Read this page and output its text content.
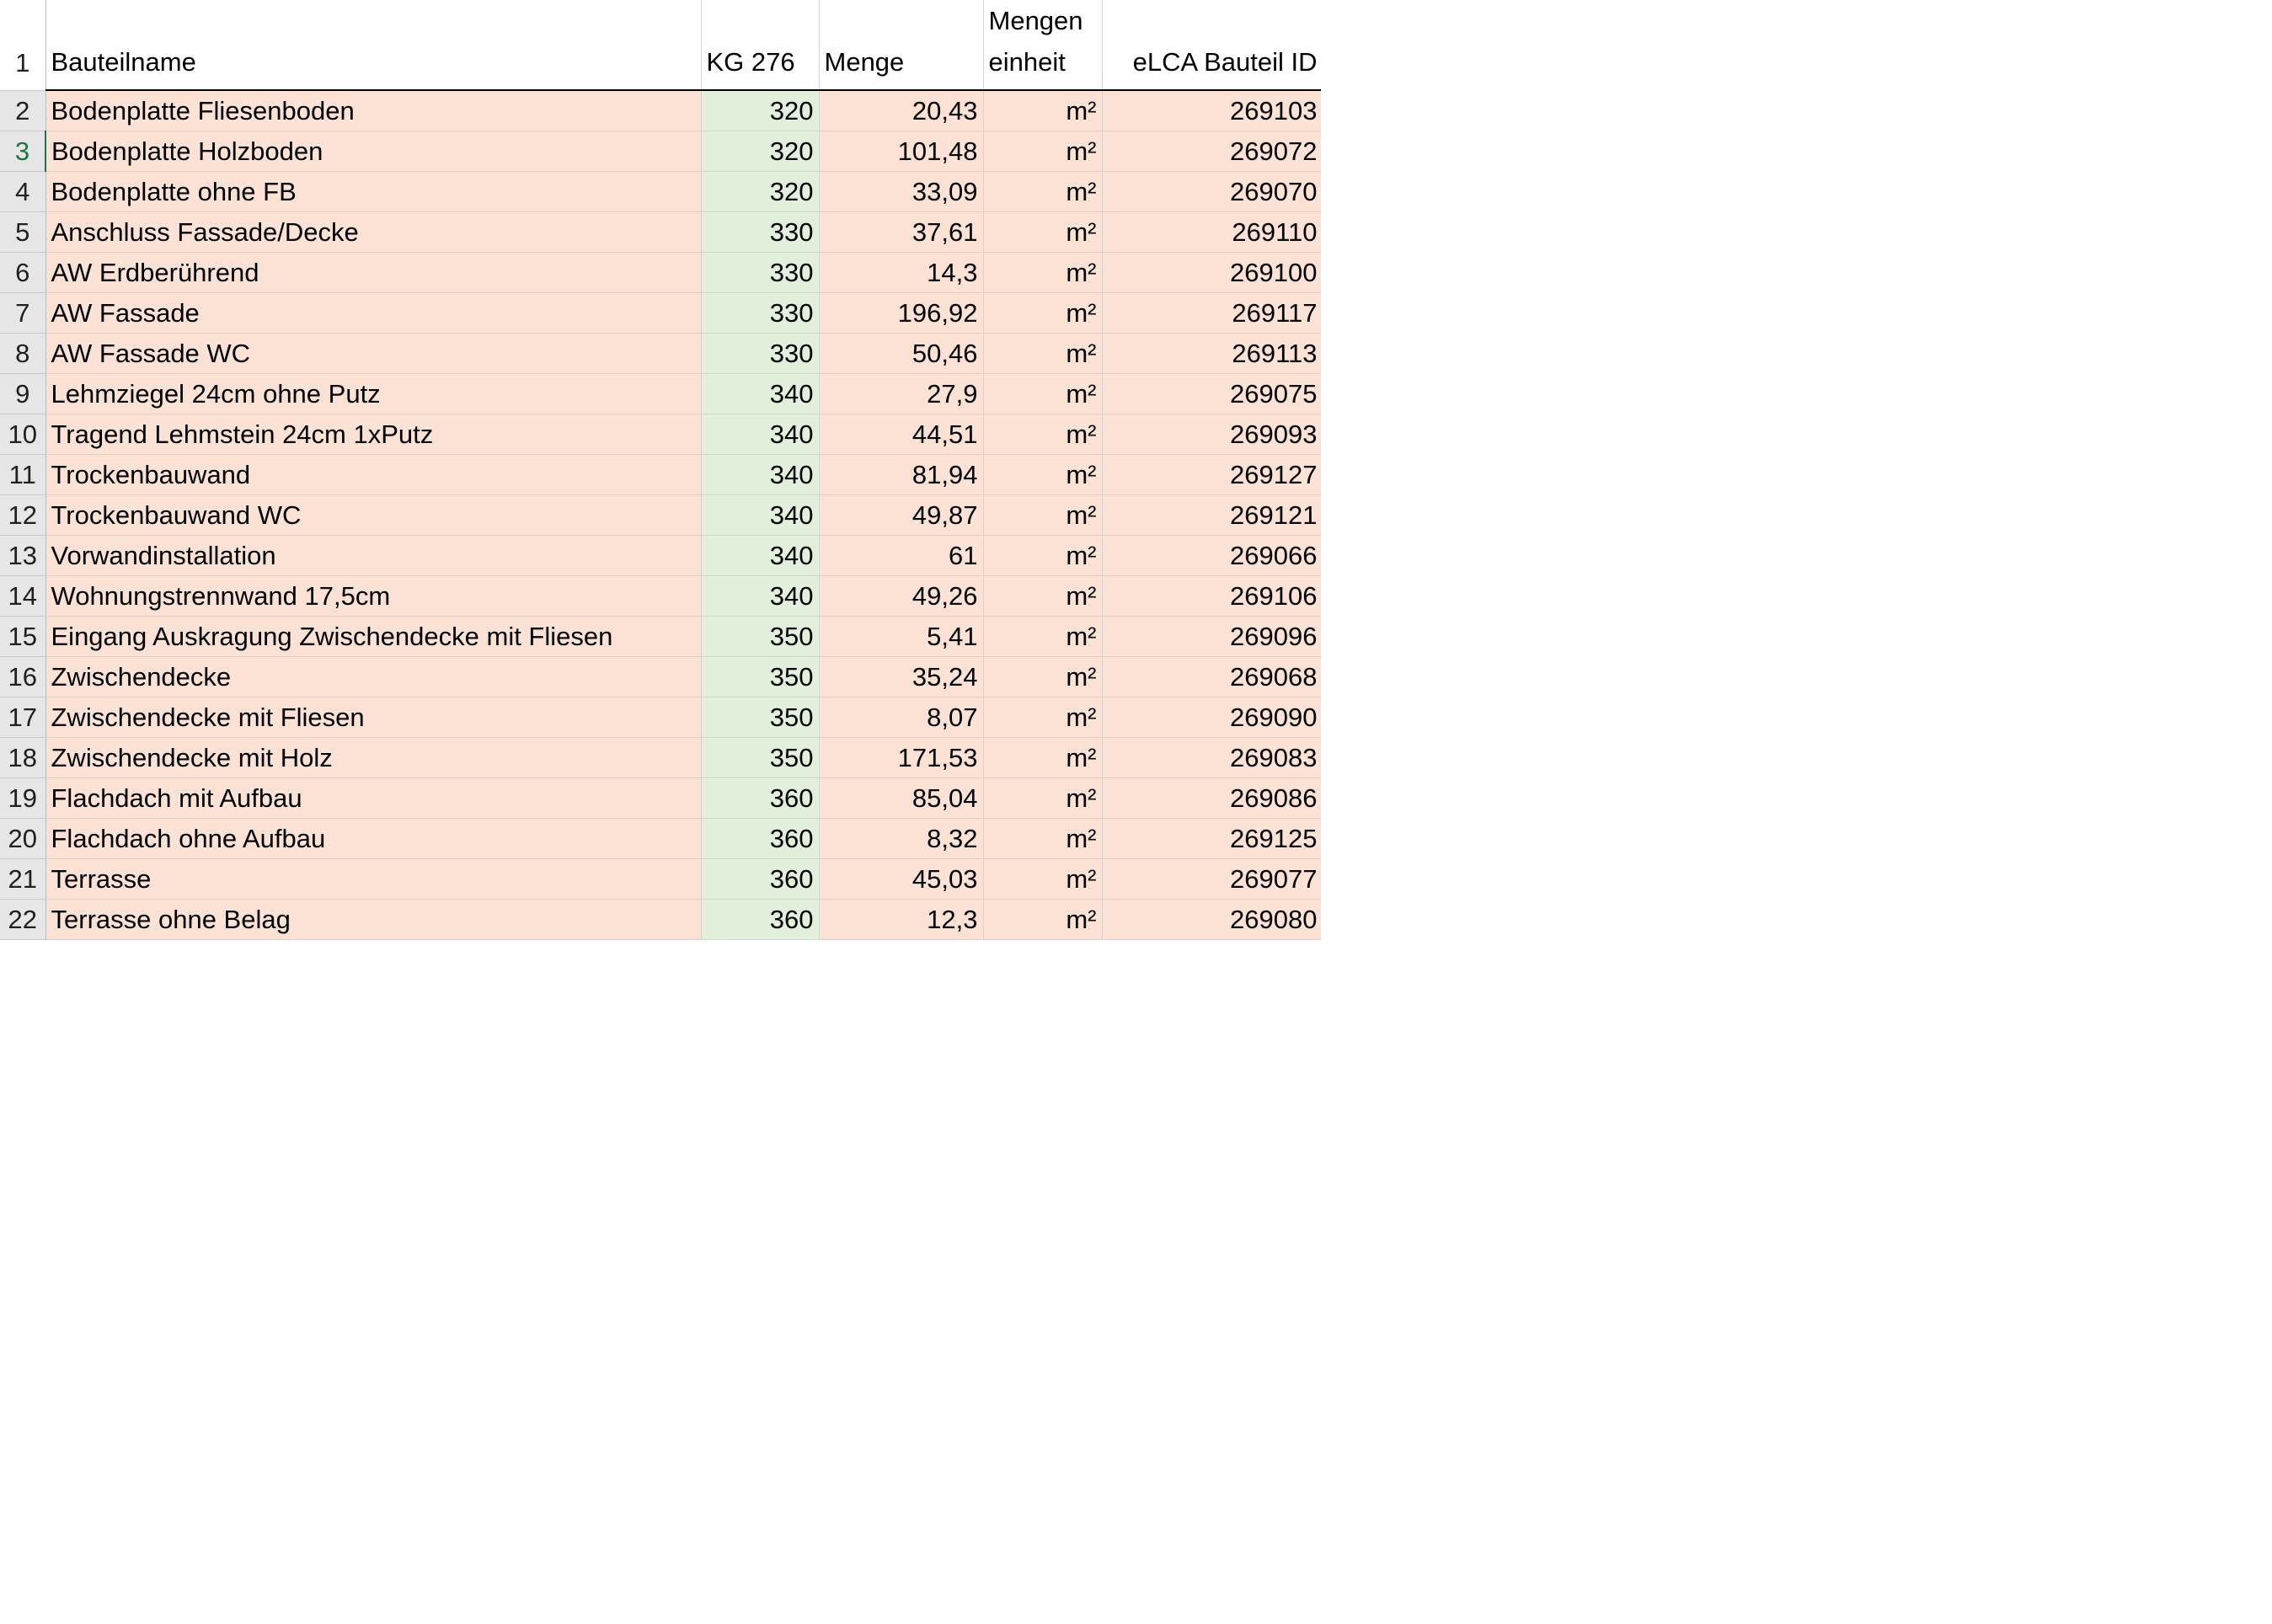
1	Bauteilname	KG 276	Menge	Mengen einheit	eLCA Bauteil ID
2	Bodenplatte Fliesenboden	320	20,43	m²	269103
3	Bodenplatte Holzboden	320	101,48	m²	269072
4	Bodenplatte ohne FB	320	33,09	m²	269070
5	Anschluss Fassade/Decke	330	37,61	m²	269110
6	AW Erdberührend	330	14,3	m²	269100
7	AW Fassade	330	196,92	m²	269117
8	AW Fassade WC	330	50,46	m²	269113
9	Lehmziegel 24cm ohne Putz	340	27,9	m²	269075
10	Tragend Lehmstein 24cm 1xPutz	340	44,51	m²	269093
11	Trockenbauwand	340	81,94	m²	269127
12	Trockenbauwand WC	340	49,87	m²	269121
13	Vorwandinstallation	340	61	m²	269066
14	Wohnungstrennwand 17,5cm	340	49,26	m²	269106
15	Eingang Auskragung Zwischendecke mit Fliesen	350	5,41	m²	269096
16	Zwischendecke	350	35,24	m²	269068
17	Zwischendecke mit Fliesen	350	8,07	m²	269090
18	Zwischendecke mit Holz	350	171,53	m²	269083
19	Flachdach mit Aufbau	360	85,04	m²	269086
20	Flachdach ohne Aufbau	360	8,32	m²	269125
21	Terrasse	360	45,03	m²	269077
22	Terrasse ohne Belag	360	12,3	m²	269080
